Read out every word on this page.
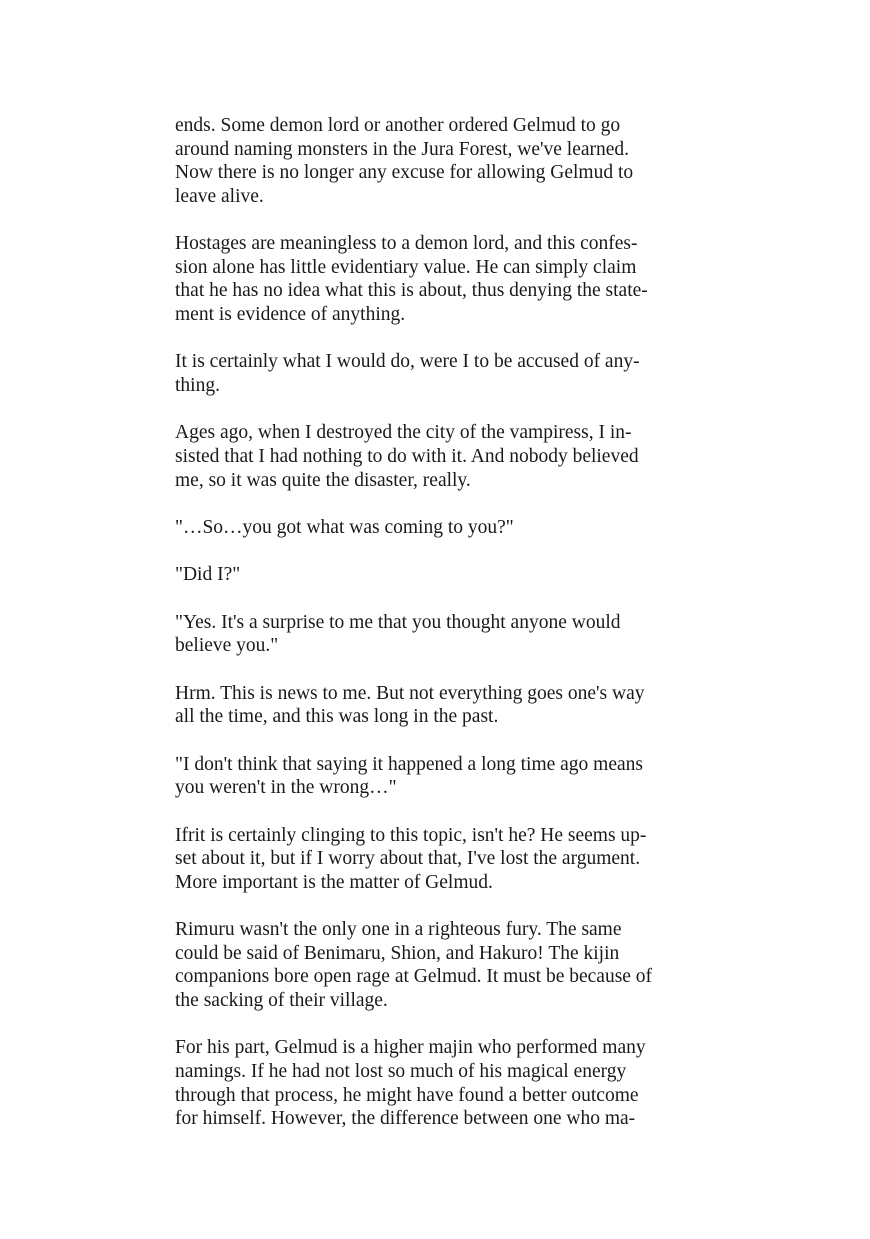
ends. Some demon lord or another ordered Gelmud to go
around naming monsters in the Jura Forest, we've learned.
Now there is no longer any excuse for allowing Gelmud to
leave alive.

Hostages are meaningless to a demon lord, and this confes-
sion alone has little evidentiary value. He can simply claim
that he has no idea what this is about, thus denying the state-
ment is evidence of anything.

It is certainly what I would do, were I to be accused of any-
thing.

Ages ago, when I destroyed the city of the vampiress, I in-
sisted that I had nothing to do with it. And nobody believed
me, so it was quite the disaster, really.

"…So…you got what was coming to you?"

"Did I?"

"Yes. It's a surprise to me that you thought anyone would
believe you."

Hrm. This is news to me. But not everything goes one's way
all the time, and this was long in the past.

"I don't think that saying it happened a long time ago means
you weren't in the wrong…"

Ifrit is certainly clinging to this topic, isn't he? He seems up-
set about it, but if I worry about that, I've lost the argument.
More important is the matter of Gelmud.

Rimuru wasn't the only one in a righteous fury. The same
could be said of Benimaru, Shion, and Hakuro! The kijin
companions bore open rage at Gelmud. It must be because of
the sacking of their village.

For his part, Gelmud is a higher majin who performed many
namings. If he had not lost so much of his magical energy
through that process, he might have found a better outcome
for himself. However, the difference between one who ma-
